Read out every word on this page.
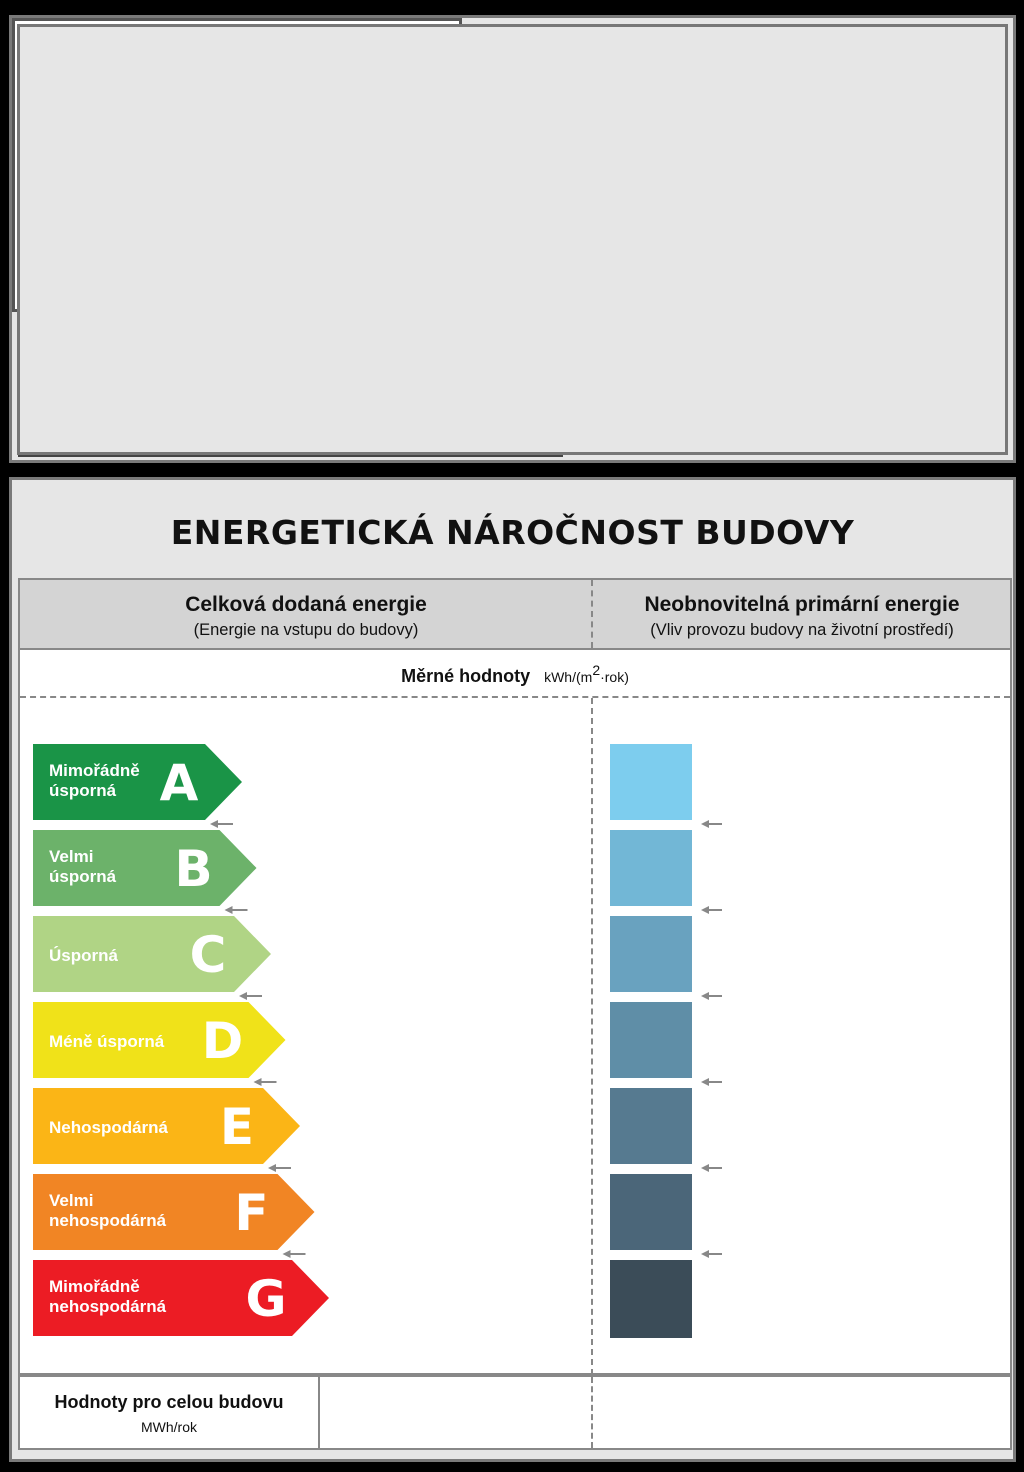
ENERGETICKÁ NÁROČNOST BUDOVY
Celková dodaná energie
(Energie na vstupu do budovy)
Neobnovitelná primární energie
(Vliv provozu budovy na životní prostředí)
Měrné hodnoty kWh/$(m^2\cdot rok)$
Mimořádně
úsporná A
Velmi
úsporná B
Úsporná C
Méně úsporná D
Nehospodárná E
Velmi
nehospodárná F
Mimořádně
nehospodárná G
Hodnoty pro celou budovu
MWh/rok
